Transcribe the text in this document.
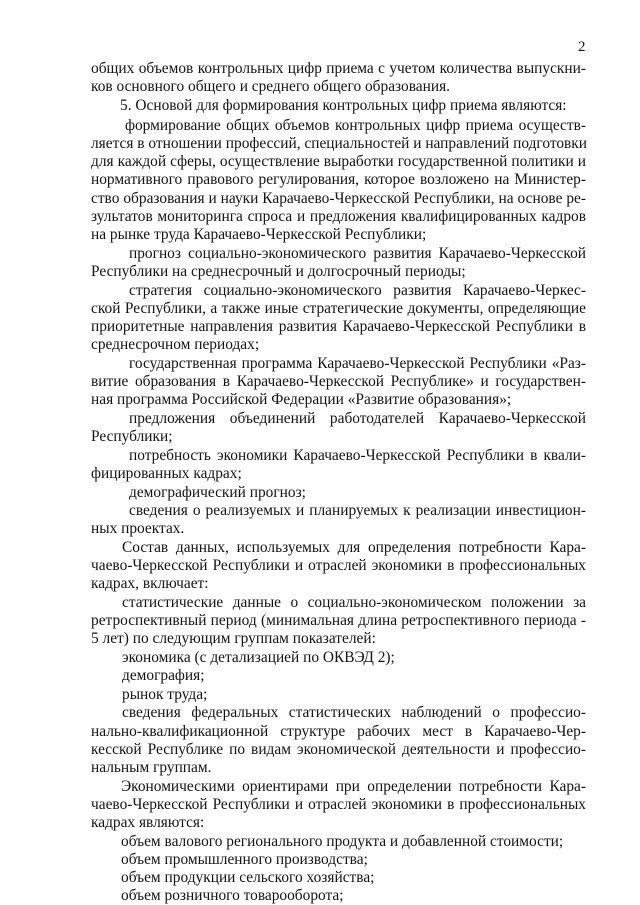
2
общих объемов контрольных цифр приема с учетом количества выпускни-
ков основного общего и среднего общего образования.
5. Основой для формирования контрольных цифр приема являются:
формирование общих объемов контрольных цифр приема осуществ-
ляется в отношении профессий, специальностей и направлений подготовки
для каждой сферы, осуществление выработки государственной политики и
нормативного правового регулирования, которое возложено на Министер-
ство образования и науки Карачаево-Черкесской Республики, на основе ре-
зультатов мониторинга спроса и предложения квалифицированных кадров
на рынке труда Карачаево-Черкесской Республики;
прогноз социально-экономического развития Карачаево-Черкесской
Республики на среднесрочный и долгосрочный периоды;
стратегия социально-экономического развития Карачаево-Черкес-
ской Республики, а также иные стратегические документы, определяющие
приоритетные направления развития Карачаево-Черкесской Республики в
среднесрочном периодах;
государственная программа Карачаево-Черкесской Республики «Раз-
витие образования в Карачаево-Черкесской Республике» и государствен-
ная программа Российской Федерации «Развитие образования»;
предложения объединений работодателей Карачаево-Черкесской
Республики;
потребность экономики Карачаево-Черкесской Республики в квали-
фицированных кадрах;
демографический прогноз;
сведения о реализуемых и планируемых к реализации инвестицион-
ных проектах.
Состав данных, используемых для определения потребности Кара-
чаево-Черкесской Республики и отраслей экономики в профессиональных
кадрах, включает:
статистические данные о социально-экономическом положении за
ретроспективный период (минимальная длина ретроспективного периода -
5 лет) по следующим группам показателей:
экономика (с детализацией по ОКВЭД 2);
демография;
рынок труда;
сведения федеральных статистических наблюдений о профессио-
нально-квалификационной структуре рабочих мест в Карачаево-Чер-
кесской Республике по видам экономической деятельности и профессио-
нальным группам.
Экономическими ориентирами при определении потребности Кара-
чаево-Черкесской Республики и отраслей экономики в профессиональных
кадрах являются:
объем валового регионального продукта и добавленной стоимости;
объем промышленного производства;
объем продукции сельского хозяйства;
объем розничного товарооборота;
